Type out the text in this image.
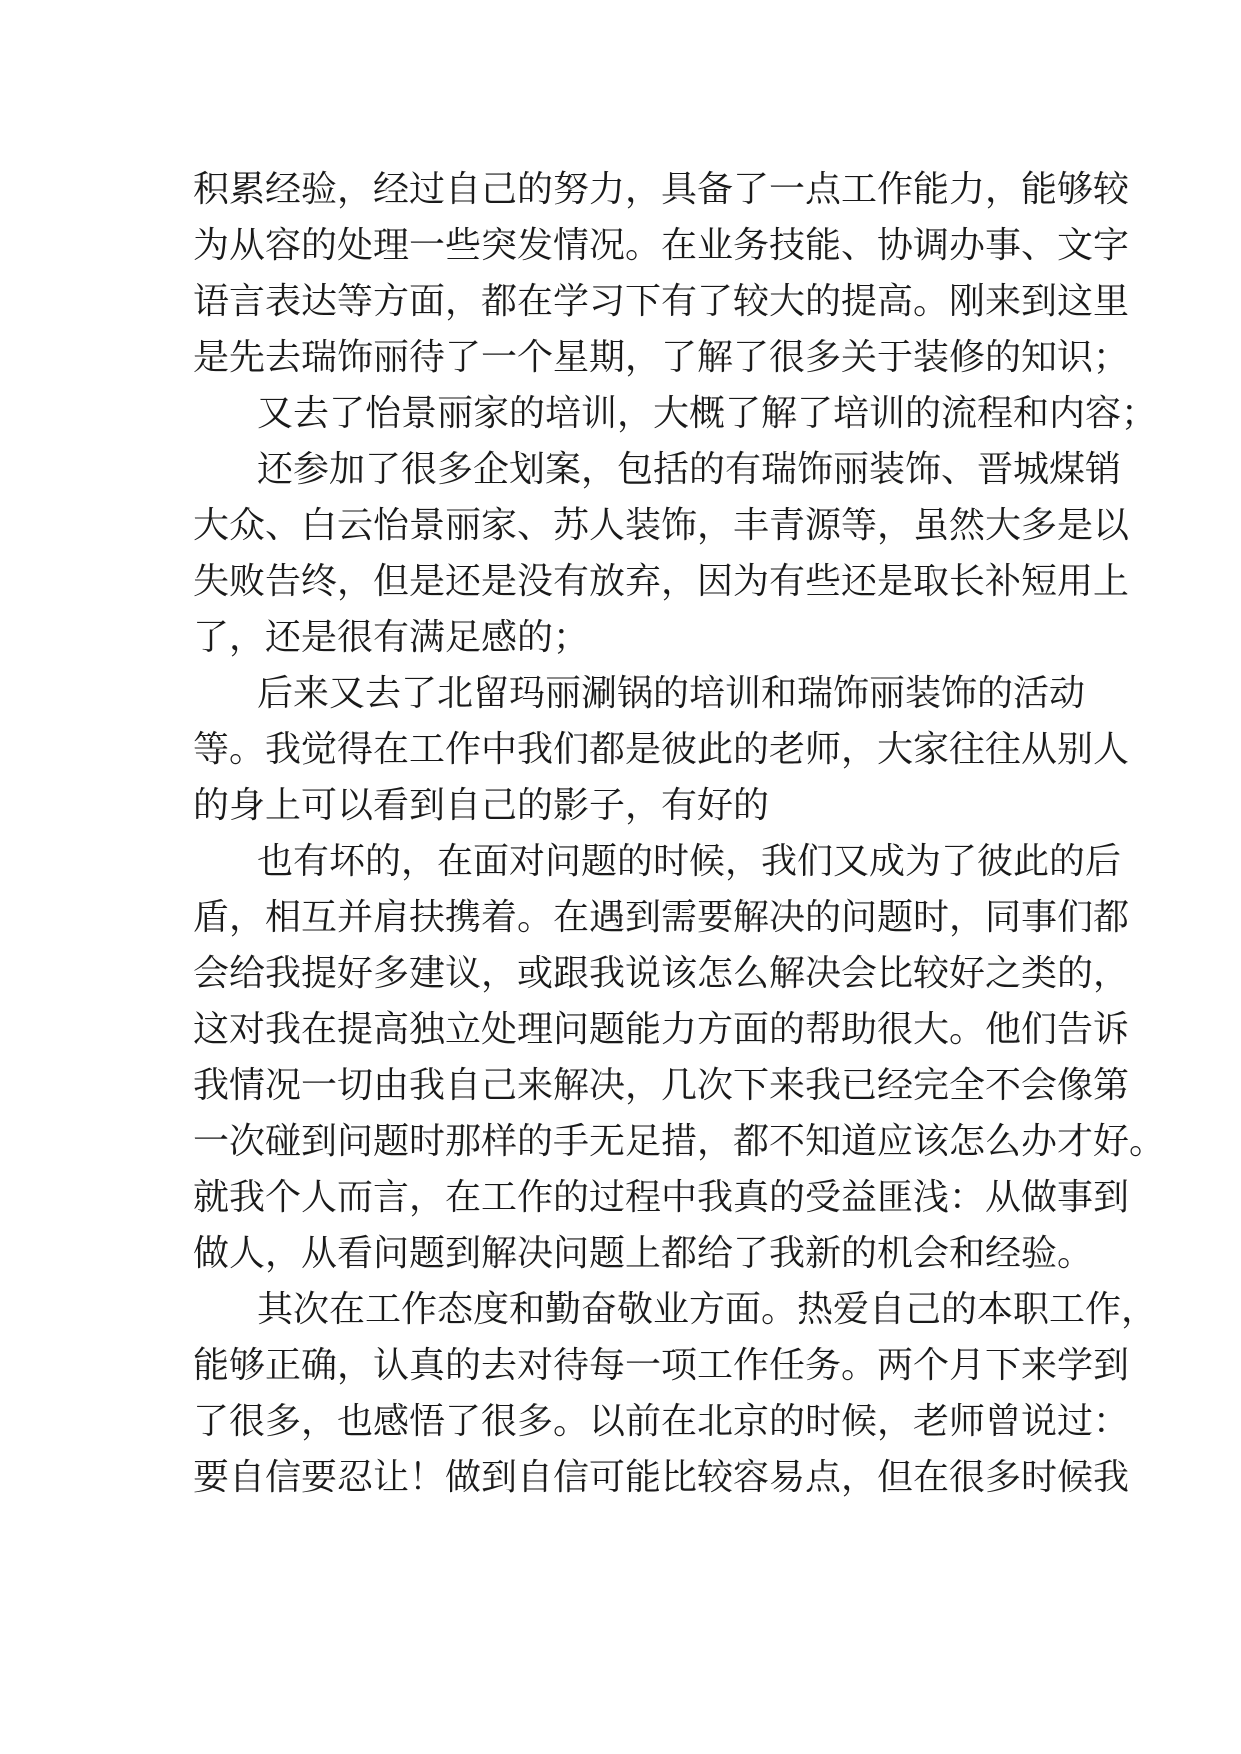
积累经验，经过自己的努力，具备了一点工作能力，能够较
为从容的处理一些突发情况。在业务技能、协调办事、文字
语言表达等方面，都在学习下有了较大的提高。刚来到这里
是先去瑞饰丽待了一个星期，了解了很多关于装修的知识；
又去了怡景丽家的培训，大概了解了培训的流程和内容；
还参加了很多企划案，包括的有瑞饰丽装饰、晋城煤销
大众、白云怡景丽家、苏人装饰，丰青源等，虽然大多是以
失败告终，但是还是没有放弃，因为有些还是取长补短用上
了，还是很有满足感的；
后来又去了北留玛丽涮锅的培训和瑞饰丽装饰的活动
等。我觉得在工作中我们都是彼此的老师，大家往往从别人
的身上可以看到自己的影子，有好的
也有坏的，在面对问题的时候，我们又成为了彼此的后
盾，相互并肩扶携着。在遇到需要解决的问题时，同事们都
会给我提好多建议，或跟我说该怎么解决会比较好之类的，
这对我在提高独立处理问题能力方面的帮助很大。他们告诉
我情况一切由我自己来解决，几次下来我已经完全不会像第
一次碰到问题时那样的手无足措，都不知道应该怎么办才好。
就我个人而言，在工作的过程中我真的受益匪浅：从做事到
做人，从看问题到解决问题上都给了我新的机会和经验。
其次在工作态度和勤奋敬业方面。热爱自己的本职工作，
能够正确，认真的去对待每一项工作任务。两个月下来学到
了很多，也感悟了很多。以前在北京的时候，老师曾说过：
要自信要忍让！做到自信可能比较容易点，但在很多时候我
